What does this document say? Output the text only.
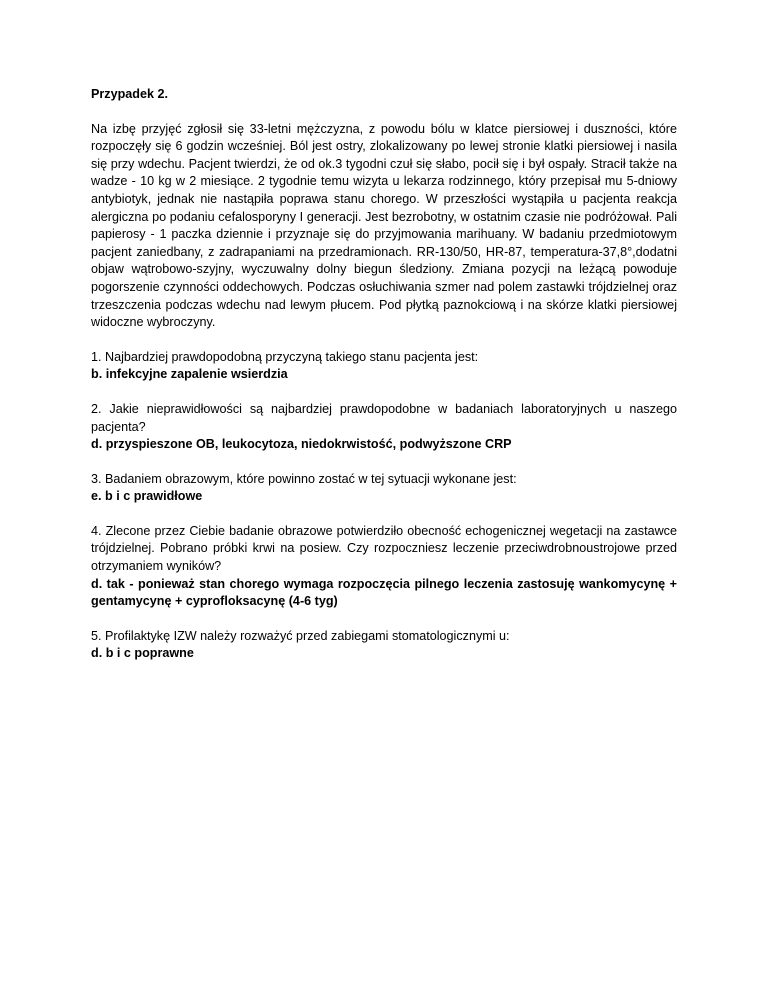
Przypadek 2.

Na izbę przyjęć zgłosił się 33-letni mężczyzna, z powodu bólu w klatce piersiowej i duszności, które rozpoczęły się 6 godzin wcześniej. Ból jest ostry, zlokalizowany po lewej stronie klatki piersiowej i nasila się przy wdechu. Pacjent twierdzi, że od ok.3 tygodni czuł się słabo, pocił się i był ospały. Stracił także na wadze - 10 kg w 2 miesiące. 2 tygodnie temu wizyta u lekarza rodzinnego, który przepisał mu 5-dniowy antybiotyk, jednak nie nastąpiła poprawa stanu chorego. W przeszłości wystąpiła u pacjenta reakcja alergiczna po podaniu cefalosporyny I generacji. Jest bezrobotny, w ostatnim czasie nie podróżował. Pali papierosy - 1 paczka dziennie i przyznaje się do przyjmowania marihuany. W badaniu przedmiotowym pacjent zaniedbany, z zadrapaniami na przedramionach. RR-130/50, HR-87, temperatura-37,8°,dodatni objaw wątrobowo-szyjny, wyczuwalny dolny biegun śledziony. Zmiana pozycji na leżącą powoduje pogorszenie czynności oddechowych. Podczas osłuchiwania szmer nad polem zastawki trójdzielnej oraz trzeszczenia podczas wdechu nad lewym płucem. Pod płytką paznokciową i na skórze klatki piersiowej widoczne wybroczyny.

1. Najbardziej prawdopodobną przyczyną takiego stanu pacjenta jest:

b. infekcyjne zapalenie wsierdzia

2. Jakie nieprawidłowości są najbardziej prawdopodobne w badaniach laboratoryjnych u naszego pacjenta?

d. przyspieszone OB, leukocytoza, niedokrwistość, podwyższone CRP

3. Badaniem obrazowym, które powinno zostać w tej sytuacji wykonane jest:

e. b i c prawidłowe

4. Zlecone przez Ciebie badanie obrazowe potwierdziło obecność echogenicznej wegetacji na zastawce trójdzielnej. Pobrano próbki krwi na posiew. Czy rozpoczniesz leczenie przeciwdrobnoustrojowe przed otrzymaniem wyników?

d. tak - ponieważ stan chorego wymaga rozpoczęcia pilnego leczenia zastosuję wankomycynę + gentamycynę + cyprofloksacynę (4-6 tyg)

5. Profilaktykę IZW należy rozważyć przed zabiegami stomatologicznymi u:

d. b i c poprawne
